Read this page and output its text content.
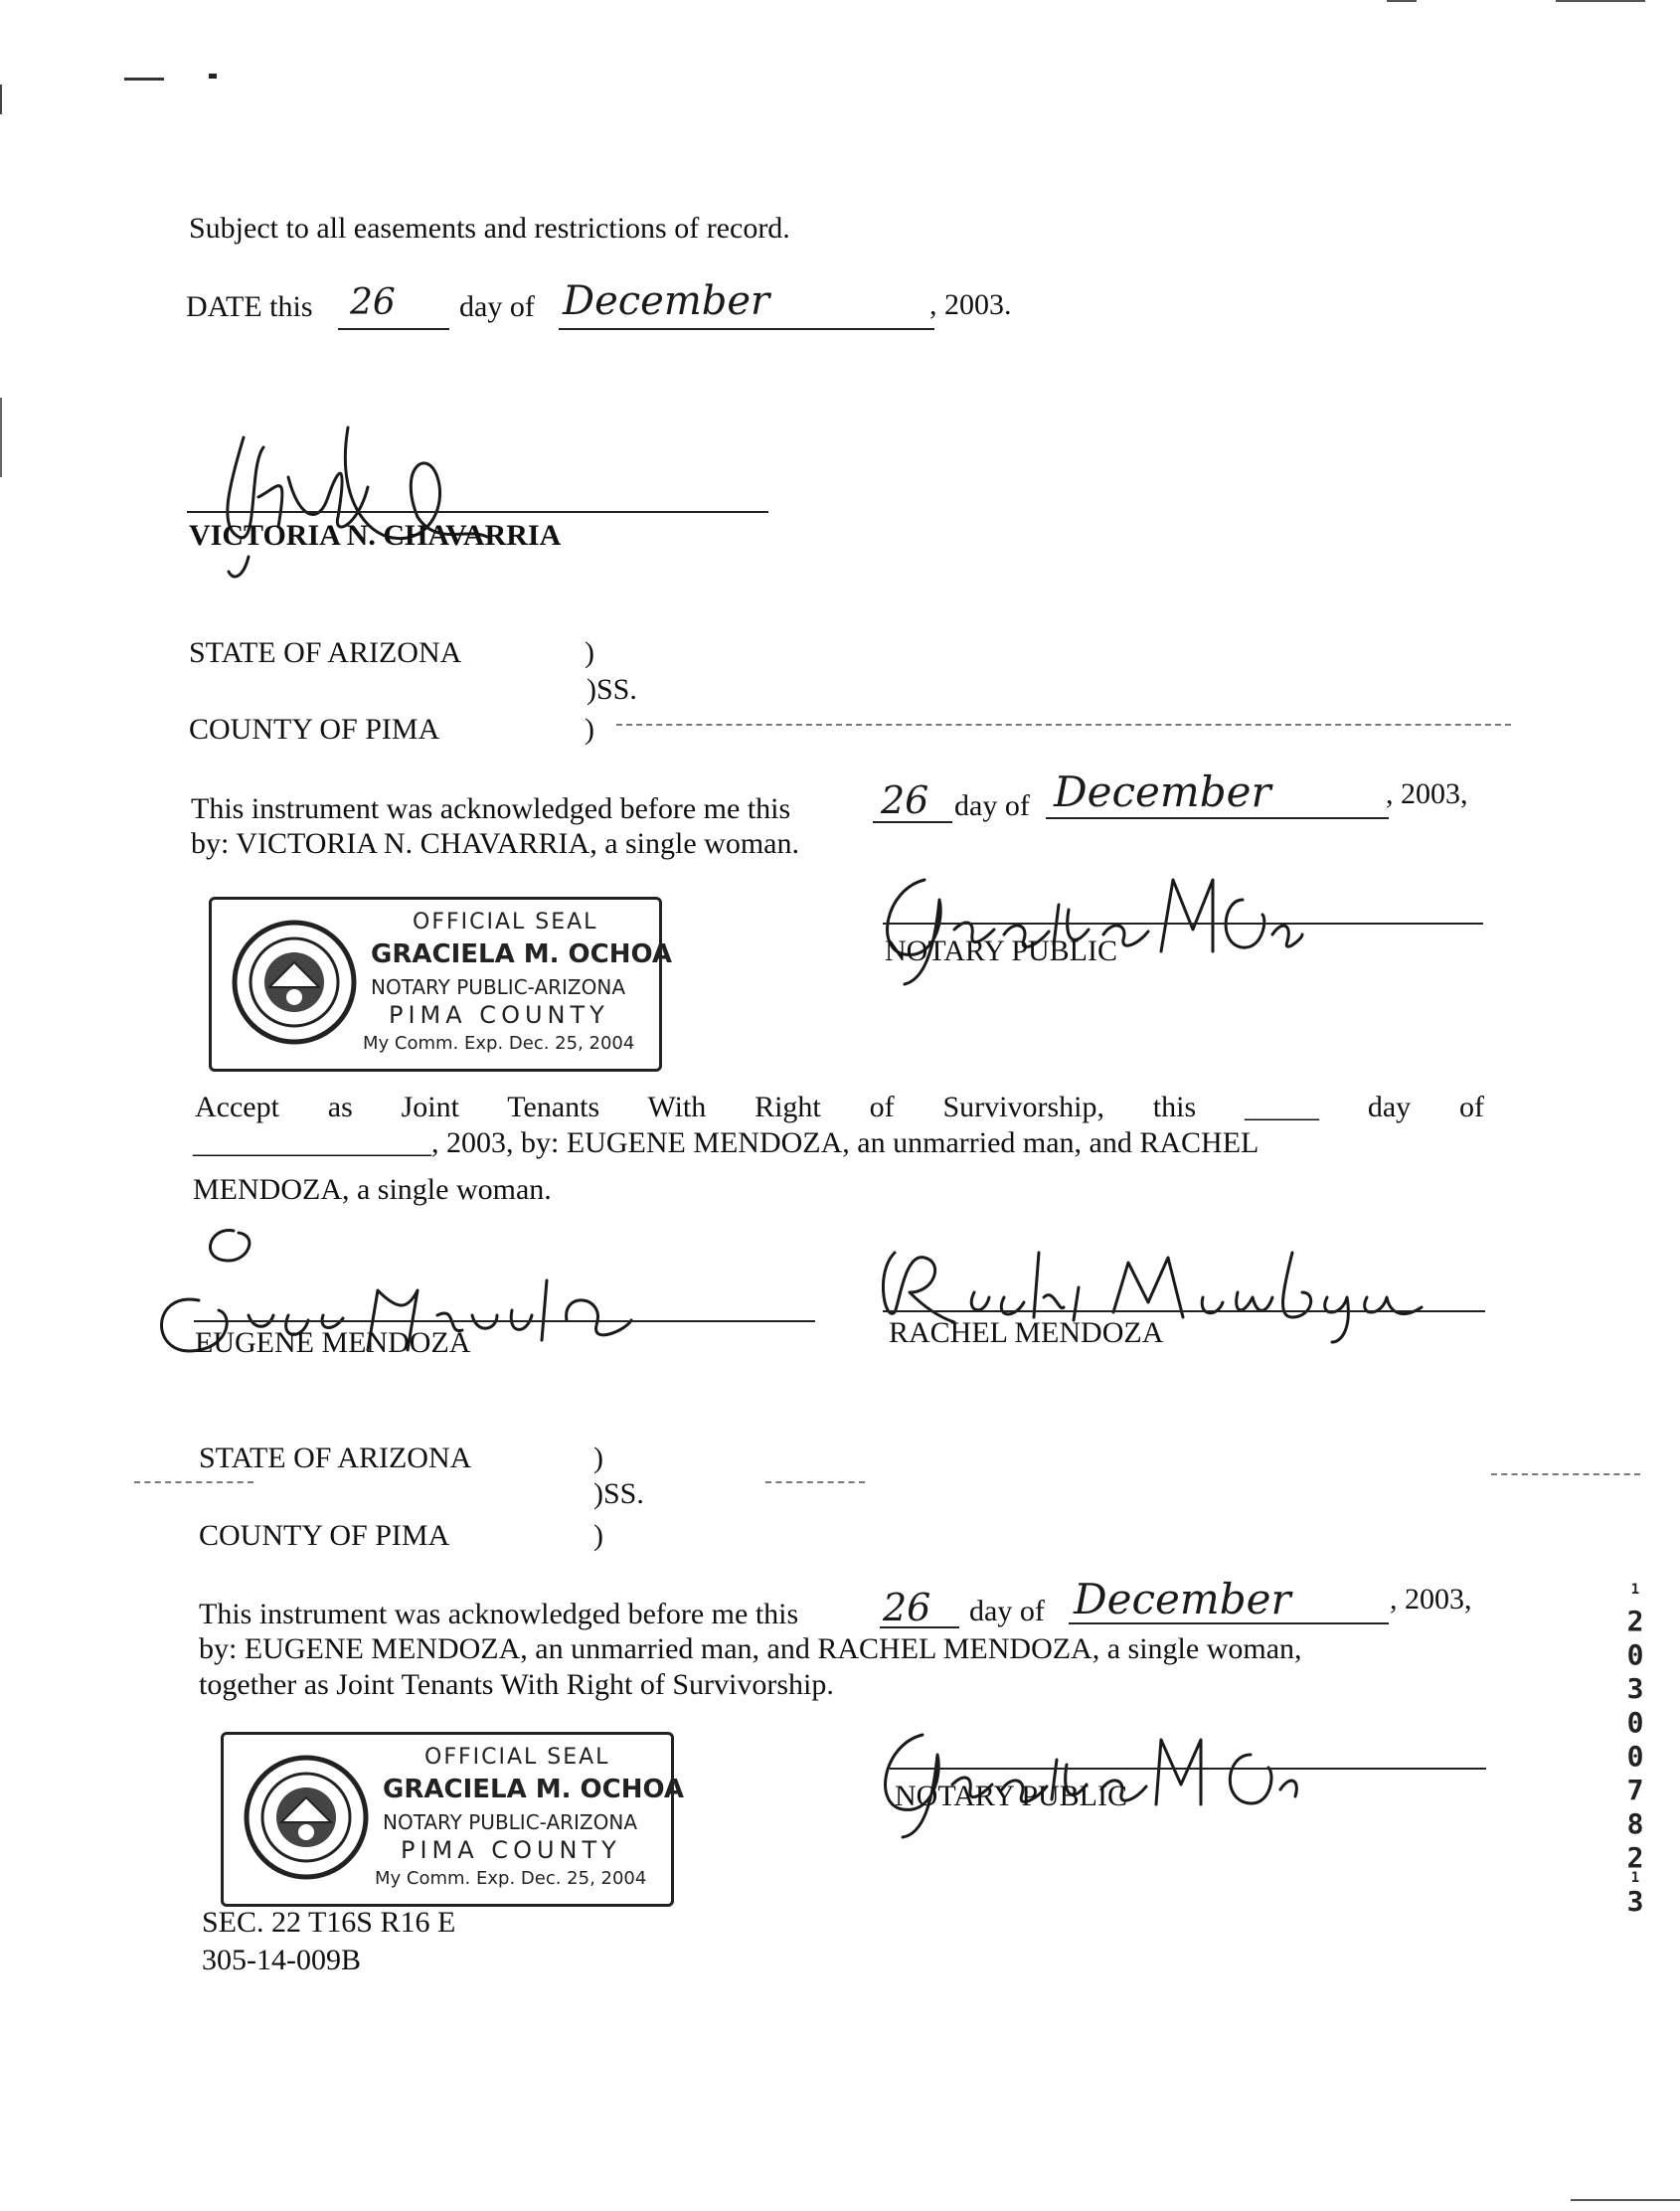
Subject to all easements and restrictions of record.
DATE this 26 day of December	, 2003.
VICTORIA N. CHAVARRIA
STATE OF ARIZONA	)
)SS.
COUNTY OF PIMA	)
This instrument was acknowledged before me this 26 day of December	, 2003,
by: VICTORIA N. CHAVARRIA, a single woman.
OFFICIAL SEAL
GRACIELA M. OCHOA
NOTARY PUBLIC-ARIZONA
PIMA COUNTY
My Comm. Exp. Dec. 25, 2004
NOTARY PUBLIC
Accept as Joint Tenants With Right of Survivorship, this _____ day of
________________, 2003, by: EUGENE MENDOZA, an unmarried man, and RACHEL
MENDOZA, a single woman.
EUGENE MENDOZA	RACHEL MENDOZA
STATE OF ARIZONA	)
)SS.
COUNTY OF PIMA	)
This instrument was acknowledged before me this 26 day of December	, 2003,
by: EUGENE MENDOZA, an unmarried man, and RACHEL MENDOZA, a single woman,
together as Joint Tenants With Right of Survivorship.
OFFICIAL SEAL
GRACIELA M. OCHOA
NOTARY PUBLIC-ARIZONA
PIMA COUNTY
My Comm. Exp. Dec. 25, 2004
NOTARY PUBLIC
SEC. 22 T16S R16 E
305-14-009B
1
2
0
3
0
0
7
8
2
1
3
